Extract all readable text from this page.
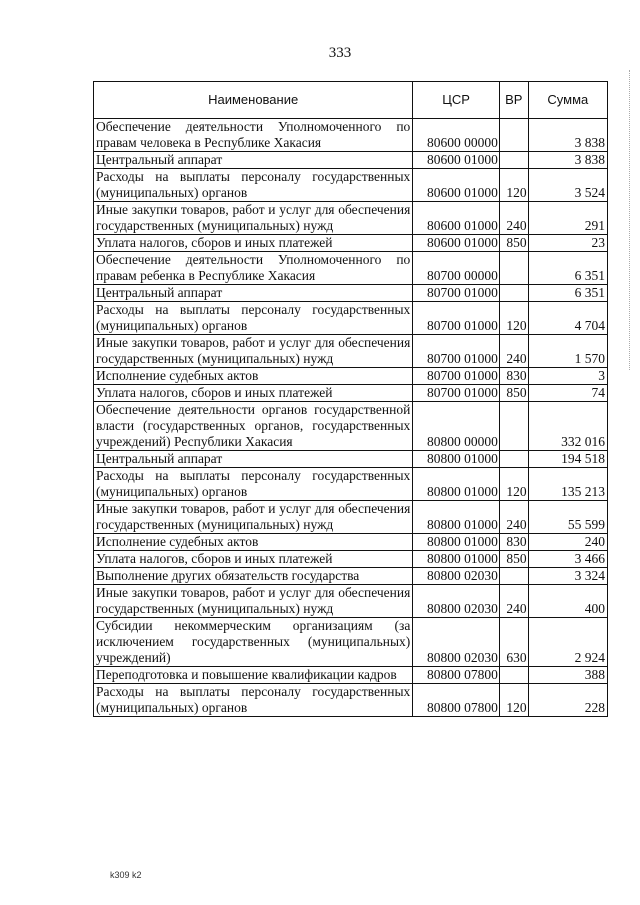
333
Наименование	ЦСР	ВР	Сумма
Обеспечение деятельности Уполномоченного по правам человека в Республике Хакасия	80600 00000		3 838
Центральный аппарат	80600 01000		3 838
Расходы на выплаты персоналу государственных (муниципальных) органов	80600 01000	120	3 524
Иные закупки товаров, работ и услуг для обеспечения государственных (муниципальных) нужд	80600 01000	240	291
Уплата налогов, сборов и иных платежей	80600 01000	850	23
Обеспечение деятельности Уполномоченного по правам ребенка в Республике Хакасия	80700 00000		6 351
Центральный аппарат	80700 01000		6 351
Расходы на выплаты персоналу государственных (муниципальных) органов	80700 01000	120	4 704
Иные закупки товаров, работ и услуг для обеспечения государственных (муниципальных) нужд	80700 01000	240	1 570
Исполнение судебных актов	80700 01000	830	3
Уплата налогов, сборов и иных платежей	80700 01000	850	74
Обеспечение деятельности органов государственной власти (государственных органов, государственных учреждений) Республики Хакасия	80800 00000		332 016
Центральный аппарат	80800 01000		194 518
Расходы на выплаты персоналу государственных (муниципальных) органов	80800 01000	120	135 213
Иные закупки товаров, работ и услуг для обеспечения государственных (муниципальных) нужд	80800 01000	240	55 599
Исполнение судебных актов	80800 01000	830	240
Уплата налогов, сборов и иных платежей	80800 01000	850	3 466
Выполнение других обязательств государства	80800 02030		3 324
Иные закупки товаров, работ и услуг для обеспечения государственных (муниципальных) нужд	80800 02030	240	400
Субсидии некоммерческим организациям (за исключением государственных (муниципальных) учреждений)	80800 02030	630	2 924
Переподготовка и повышение квалификации кадров	80800 07800		388
Расходы на выплаты персоналу государственных (муниципальных) органов	80800 07800	120	228
k309 k2
